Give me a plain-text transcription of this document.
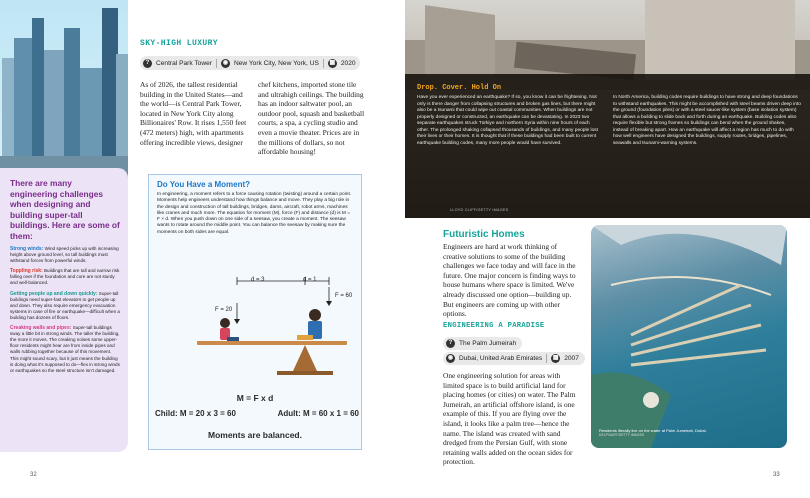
There are many engineering challenges when designing and building super-tall buildings. Here are some of them:
Strong winds: Wind speed picks up with increasing height above ground level, so tall buildings must withstand forces from powerful winds.
Toppling risk: Buildings that are tall and narrow risk falling over if the foundation and core are not sturdy and well-balanced.
Getting people up and down quickly: Super-tall buildings need super-fast elevators to get people up and down. They also require emergency evacuation systems in case of fire or earthquake—difficult when a building has dozens of floors.
Creaking walls and pipes: Super-tall buildings sway a little bit in strong winds. The taller the building, the more it moves. The creaking noises some upper-floor residents might hear are from inside pipes and walls rubbing together because of this movement. This might sound scary, but it just means the building is doing what it's supposed to do—flex in strong winds or earthquakes so the steel structure isn't damaged.
SKY-HIGH LUXURY
?	Central Park Tower	◉ New York City, New York, US ▦ 2020
As of 2026, the tallest residential building in the United States—and the world—is Central Park Tower, located in New York City along Billionaires' Row. It rises 1,550 feet (472 meters) high, with apartments offering incredible views, designer
chef kitchens, imported stone tile and ultrahigh ceilings. The building has an indoor saltwater pool, an outdoor pool, squash and basketball courts, a spa, a cycling studio and even a movie theater. Prices are in the millions of dollars, so not affordable housing!
Do You Have a Moment?
In engineering, a moment refers to a force causing rotation (twisting) around a certain point. Moments help engineers understand how things balance and move. They play a big role in the design and construction of tall buildings, bridges, dams, aircraft, robot arms, machines like cranes and much more. The equation for moment (M), force (F) and distance (d) is M = F × d. When you push down on one side of a seesaw, you create a moment. The seesaw wants to rotate around the middle point. You can balance the seesaw by making sure the moments on both sides are equal.
d = 3	d = 1
F = 20
F = 60
M = F x d
Child: M = 20 x 3 = 60	Adult: M = 60 x 1 = 60
Moments are balanced.
32
Drop. Cover. Hold On
Have you ever experienced an earthquake? If so, you know it can be frightening. Not only is there danger from collapsing structures and broken gas lines, but there might also be a tsunami that could wipe out coastal communities. When buildings are not properly designed or constructed, an earthquake can be devastating. In 2023 two separate earthquakes struck Türkiye and northern Syria within nine hours of each other. The prolonged shaking collapsed thousands of buildings, and many people lost their lives or their homes. It is thought that if these buildings had been built to current earthquake building codes, many more people would have survived.
In North America, building codes require buildings to have strong and deep foundations to withstand earthquakes. This might be accomplished with steel beams driven deep into the ground (foundation piles) or with a steel saucer-like system (base isolation system) that allows a building to slide back and forth during an earthquake. Building codes also require flexible but strong frames so buildings can bend when the ground shakes, instead of breaking apart. How an earthquake will affect a region has much to do with how well engineers have designed the buildings, supply routes, bridges, pipelines, seawalls and tsunami-warning systems.
LLOYD CLIFF/GETTY IMAGES
Futuristic Homes
Engineers are hard at work thinking of creative solutions to some of the building challenges we face today and will face in the future. One major concern is finding ways to house humans where space is limited. We've already discussed one option—building up. But engineers are coming up with other options.
ENGINEERING A PARADISE
?	The Palm Jumeirah
◉ Dubai, United Arab Emirates ▦ 2007
One engineering solution for areas with limited space is to build artificial land for placing homes (or cities) on water. The Palm Jumeirah, an artificial offshore island, is one example of this. If you are flying over the island, it looks like a palm tree—hence the name. The island was created with sand dredged from the Persian Gulf, with stone retaining walls added on the ocean sides for protection.
Residents literally live on the water at Palm Jumeirah, Dubai.
DELPIXART/GETTY IMAGES
33
